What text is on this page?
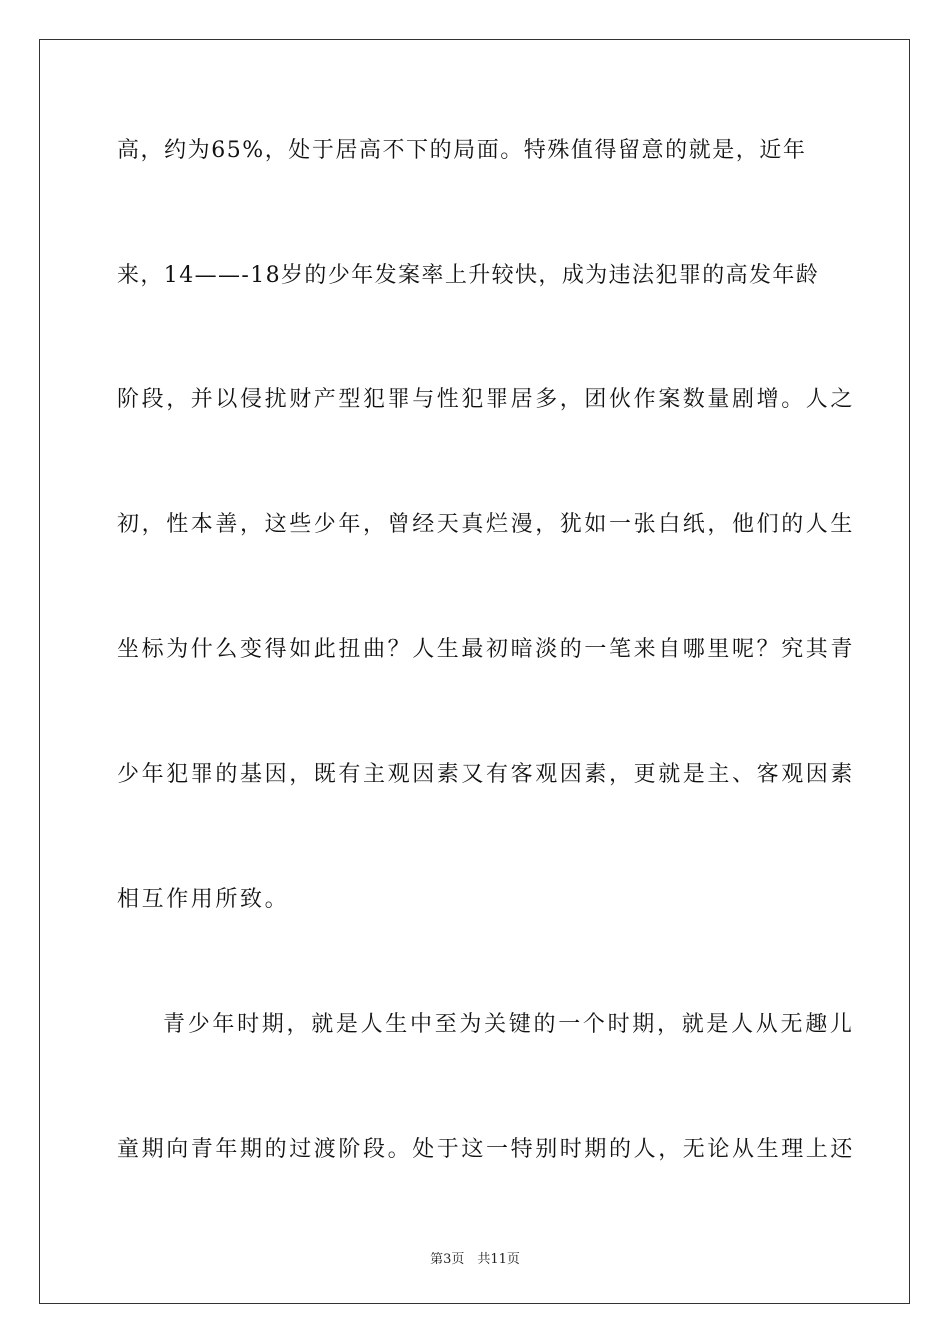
高，约为65%，处于居高不下的局面。特殊值得留意的就是，近年
来，14——-18岁的少年发案率上升较快，成为违法犯罪的高发年龄
阶段，并以侵扰财产型犯罪与性犯罪居多，团伙作案数量剧增。人之
初，性本善，这些少年，曾经天真烂漫，犹如一张白纸，他们的人生
坐标为什么变得如此扭曲？人生最初暗淡的一笔来自哪里呢？究其青
少年犯罪的基因，既有主观因素又有客观因素，更就是主、客观因素
相互作用所致。
青少年时期，就是人生中至为关键的一个时期，就是人从无趣儿
童期向青年期的过渡阶段。处于这一特别时期的人，无论从生理上还
第3页　共11页
